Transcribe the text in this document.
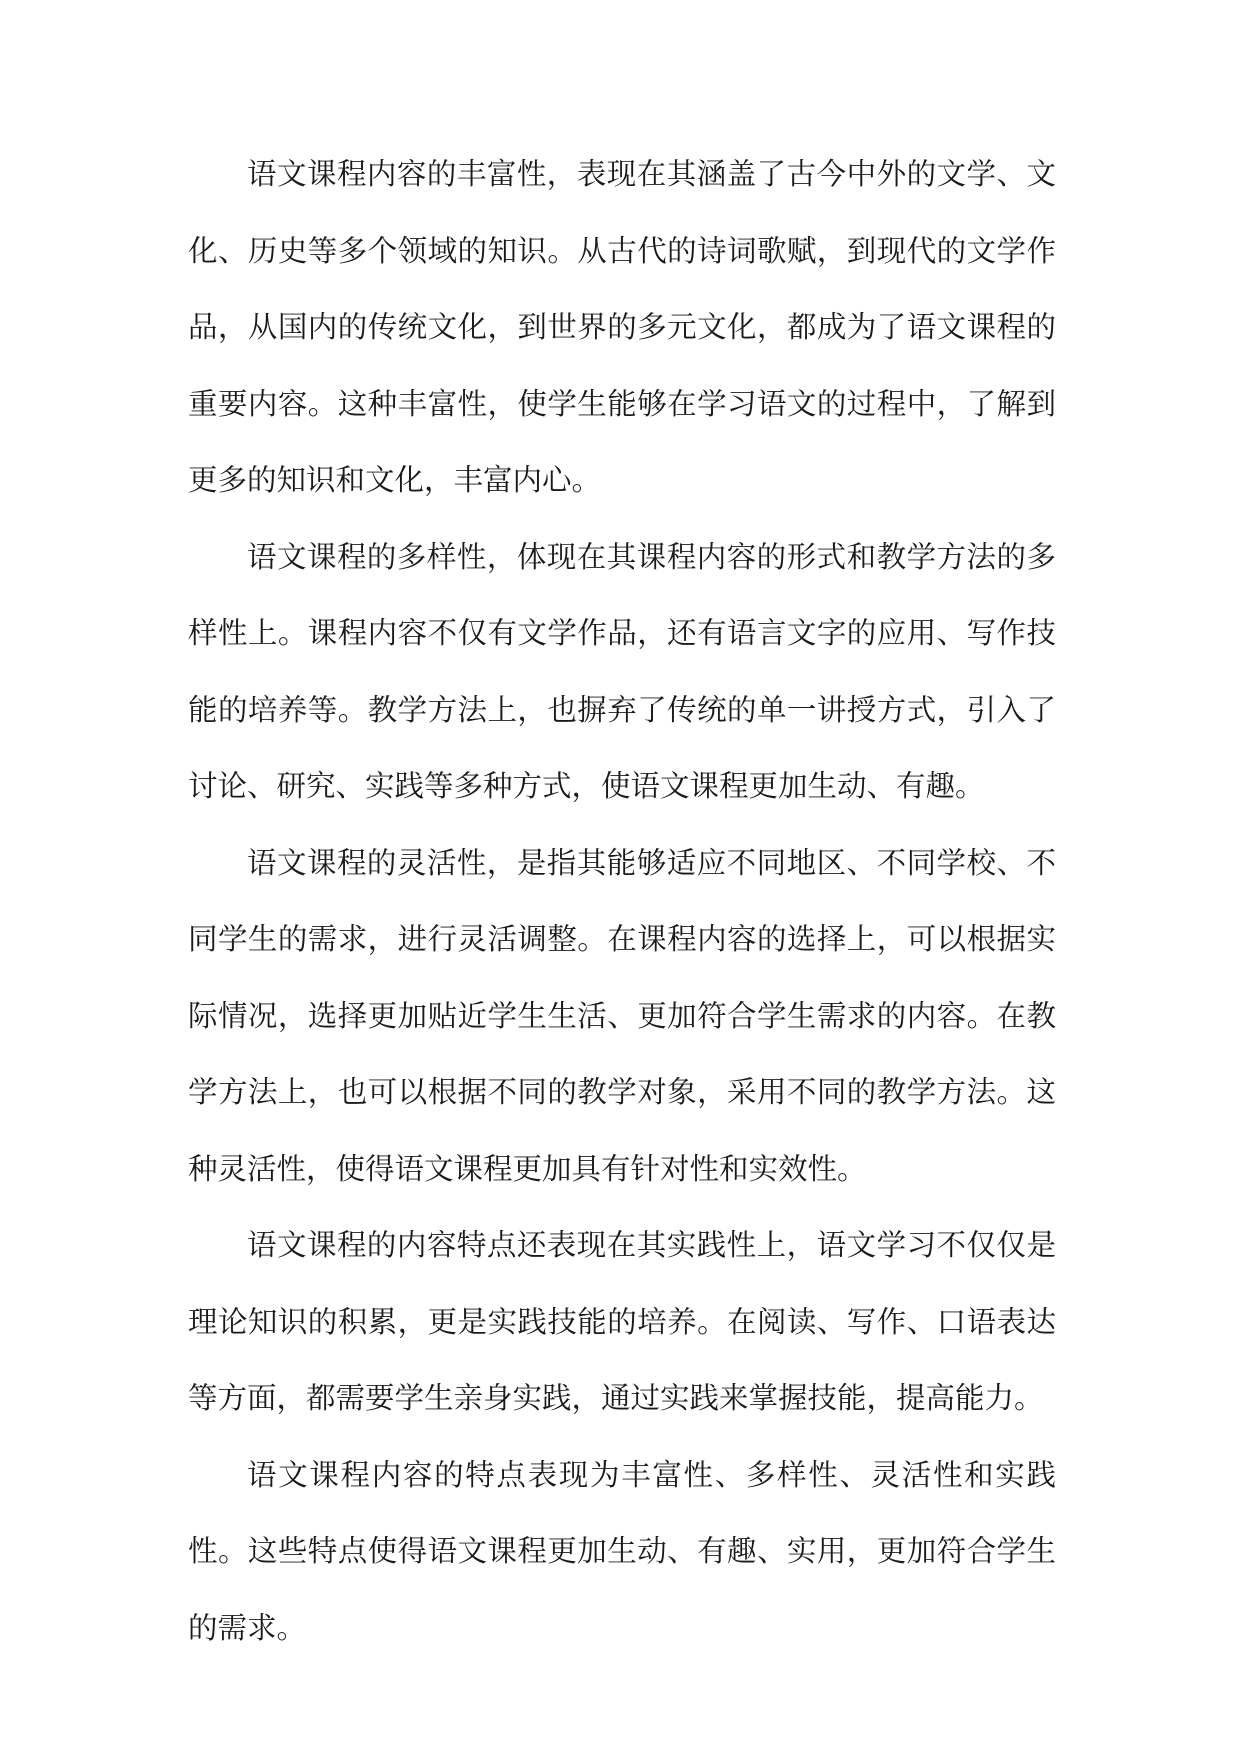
语文课程内容的丰富性，表现在其涵盖了古今中外的文学、文化、历史等多个领域的知识。从古代的诗词歌赋，到现代的文学作品，从国内的传统文化，到世界的多元文化，都成为了语文课程的重要内容。这种丰富性，使学生能够在学习语文的过程中，了解到更多的知识和文化，丰富内心。

语文课程的多样性，体现在其课程内容的形式和教学方法的多样性上。课程内容不仅有文学作品，还有语言文字的应用、写作技能的培养等。教学方法上，也摒弃了传统的单一讲授方式，引入了讨论、研究、实践等多种方式，使语文课程更加生动、有趣。

语文课程的灵活性，是指其能够适应不同地区、不同学校、不同学生的需求，进行灵活调整。在课程内容的选择上，可以根据实际情况，选择更加贴近学生生活、更加符合学生需求的内容。在教学方法上，也可以根据不同的教学对象，采用不同的教学方法。这种灵活性，使得语文课程更加具有针对性和实效性。

语文课程的内容特点还表现在其实践性上，语文学习不仅仅是理论知识的积累，更是实践技能的培养。在阅读、写作、口语表达等方面，都需要学生亲身实践，通过实践来掌握技能，提高能力。

语文课程内容的特点表现为丰富性、多样性、灵活性和实践性。这些特点使得语文课程更加生动、有趣、实用，更加符合学生的需求。
